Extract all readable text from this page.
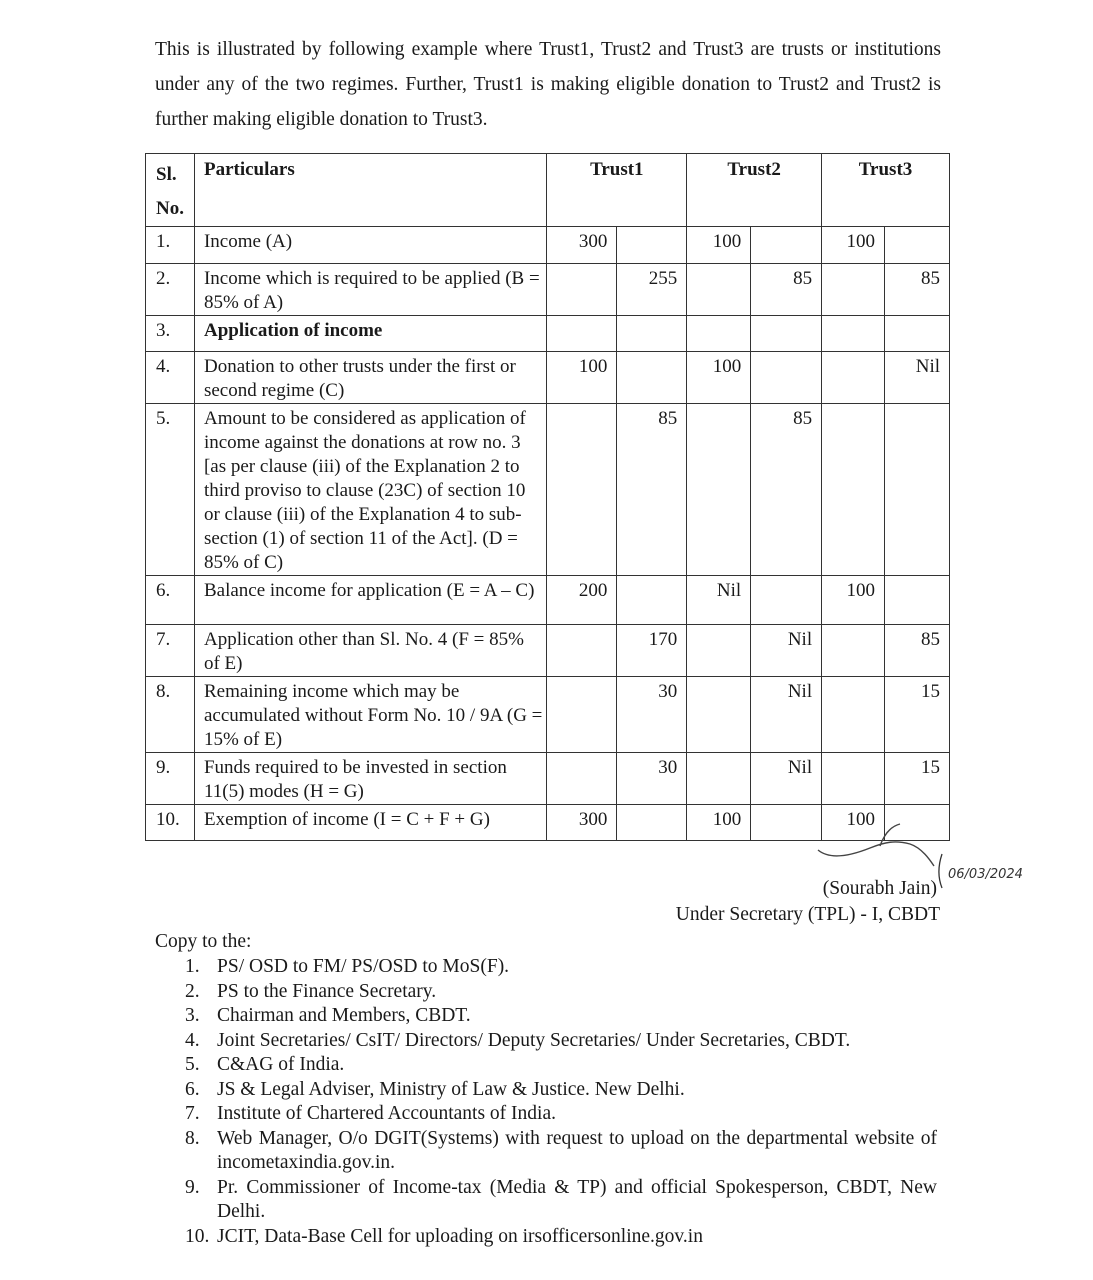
This is illustrated by following example where Trust1, Trust2 and Trust3 are trusts or institutions under any of the two regimes. Further, Trust1 is making eligible donation to Trust2 and Trust2 is further making eligible donation to Trust3.

Sl.
No.	Particulars	Trust1		Trust2		Trust3	
1.	Income (A)	300		100		100	
2.	Income which is required to be applied (B = 85% of A)		255		85		85
3.	Application of income						
4.	Donation to other trusts under the first or second regime (C)	100		100			Nil
5.	Amount to be considered as application of income against the donations at row no. 3 [as per clause (iii) of the Explanation 2 to third proviso to clause (23C) of section 10 or clause (iii) of the Explanation 4 to sub-section (1) of section 11 of the Act]. (D = 85% of C)		85		85		
6.	Balance income for application (E = A – C)	200		Nil		100	
7.	Application other than Sl. No. 4 (F = 85% of E)		170		Nil		85
8.	Remaining income which may be accumulated without Form No. 10 / 9A (G = 15% of E)		30		Nil		15
9.	Funds required to be invested in section 11(5) modes (H = G)		30		Nil		15
10.	Exemption of income (I = C + F + G)	300		100		100	
06/03/2024
(Sourabh Jain)
Under Secretary (TPL) - I, CBDT
Copy to the:
1. PS/ OSD to FM/ PS/OSD to MoS(F).
2. PS to the Finance Secretary.
3. Chairman and Members, CBDT.
4. Joint Secretaries/ CsIT/ Directors/ Deputy Secretaries/ Under Secretaries, CBDT.
5. C&AG of India.
6. JS & Legal Adviser, Ministry of Law & Justice. New Delhi.
7. Institute of Chartered Accountants of India.
8. Web Manager, O/o DGIT(Systems) with request to upload on the departmental website of incometaxindia.gov.in.
9. Pr. Commissioner of Income-tax (Media & TP) and official Spokesperson, CBDT, New Delhi.
10. JCIT, Data-Base Cell for uploading on irsofficersonline.gov.in
